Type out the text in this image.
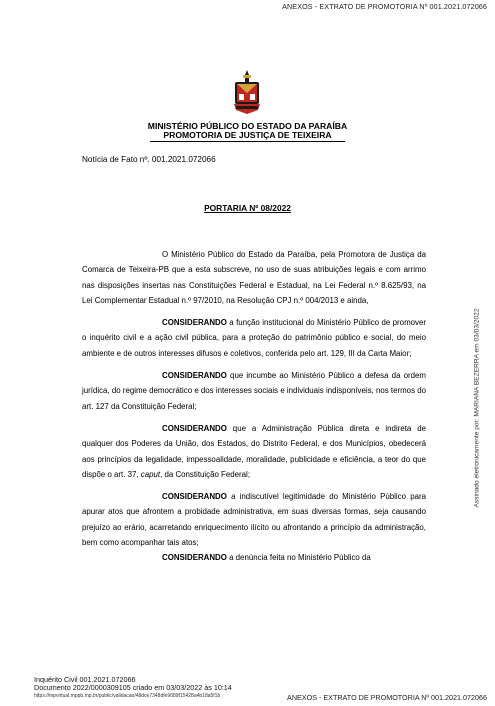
ANEXOS - EXTRATO DE PROMOTORIA Nº 001.2021.072066
MINISTÉRIO PÚBLICO DO ESTADO DA PARAÍBA
PROMOTORIA DE JUSTIÇA DE TEIXEIRA
Notícia de Fato nº. 001.2021.072066
PORTARIA Nº 08/2022

O Ministério Público do Estado da Paraíba, pela Promotora de Justiça da Comarca de Teixeira-PB que a esta subscreve, no uso de suas atribuições legais e com arrimo nas disposições insertas nas Constituições Federal e Estadual, na Lei Federal n.º 8.625/93, na Lei Complementar Estadual n.º 97/2010, na Resolução CPJ n.º 004/2013 e ainda,

CONSIDERANDO a função institucional do Ministério Público de promover o inquérito civil e a ação civil pública, para a proteção do patrimônio público e social, do meio ambiente e de outros interesses difusos e coletivos, conferida pelo art. 129, III da Carta Maior;

CONSIDERANDO que incumbe ao Ministério Público a defesa da ordem jurídica, do regime democrático e dos interesses sociais e individuais indisponíveis, nos termos do art. 127 da Constituição Federal;

CONSIDERANDO que a Administração Pública direta e indireta de qualquer dos Poderes da União, dos Estados, do Distrito Federal, e dos Municípios, obedecerá aos princípios da legalidade, impessoalidade, moralidade, publicidade e eficiência, a teor do que dispõe o art. 37, caput, da Constituição Federal;

CONSIDERANDO a indiscutível legitimidade do Ministério Público para apurar atos que afrontem a probidade administrativa, em suas diversas formas, seja causando prejuízo ao erário, acarretando enriquecimento ilícito ou afrontando a princípio da administração, bem como acompanhar tais atos;

CONSIDERANDO a denúncia feita no Ministério Público da

Assinado eletronicamente por: MARIANA BEZERRA em 03/03/2022
Inquérito Civil 001.2021.072066
Documento 2022/0000309105 criado em 03/03/2022 às 10:14
https://mpvirtual.mppb.mp.br/public/validacao/48dce7348dfe9089f15428a4b18a5f1b	ANEXOS - EXTRATO DE PROMOTORIA Nº 001.2021.072066
